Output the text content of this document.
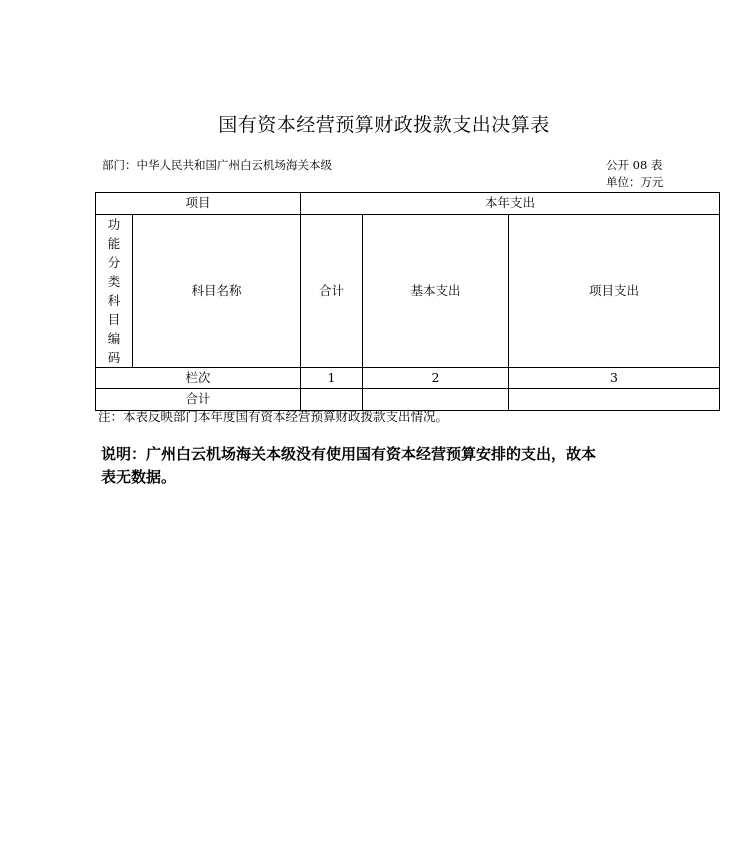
国有资本经营预算财政拨款支出决算表
部门：中华人民共和国广州白云机场海关本级	公开 08 表
单位：万元
项目		本年支出		
功能分类科目编码	科目名称	合计	基本支出	项目支出
栏次		1	2	3
合计				
注：本表反映部门本年度国有资本经营预算财政拨款支出情况。
说明：广州白云机场海关本级没有使用国有资本经营预算安排的支出，故本表无数据。
